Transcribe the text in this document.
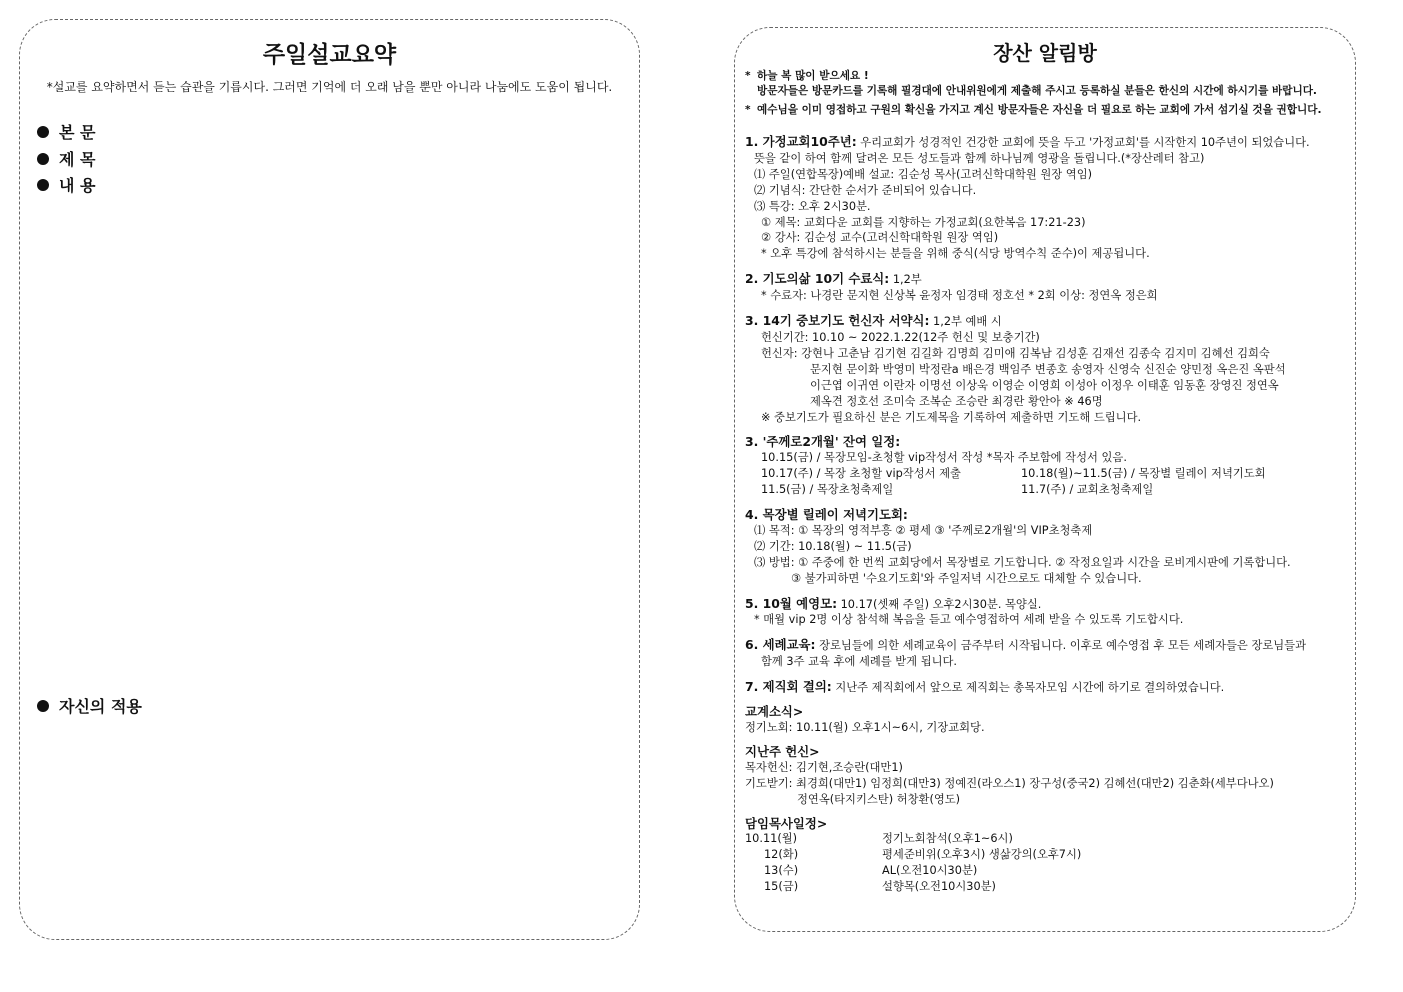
주일설교요약
*설교를 요약하면서 듣는 습관을 기릅시다. 그러면 기억에 더 오래 남을 뿐만 아니라 나눔에도 도움이 됩니다.
본 문
제 목
내 용
자신의 적용
장산 알림방
* 하늘 복 많이 받으세요 !
방문자들은 방문카드를 기록해 필경대에 안내위원에게 제출해 주시고 등록하실 분들은 한신의 시간에 하시기를 바랍니다.
* 예수님을 이미 영접하고 구원의 확신을 가지고 계신 방문자들은 자신을 더 필요로 하는 교회에 가서 섬기실 것을 권합니다.
1. 가정교회10주년: 우리교회가 성경적인 건강한 교회에 뜻을 두고 '가정교회'를 시작한지 10주년이 되었습니다.
뜻을 같이 하여 함께 달려온 모든 성도들과 함께 하나님께 영광을 돌립니다.(*장산레터 참고)
⑴ 주일(연합목장)예배 설교: 김순성 목사(고려신학대학원 원장 역임)
⑵ 기념식: 간단한 순서가 준비되어 있습니다.
⑶ 특강: 오후 2시30분.
① 제목: 교회다운 교회를 지향하는 가정교회(요한복음 17:21-23)
② 강사: 김순성 교수(고려신학대학원 원장 역임)
* 오후 특강에 참석하시는 분들을 위해 중식(식당 방역수칙 준수)이 제공됩니다.
2. 기도의삶 10기 수료식: 1,2부
* 수료자: 나경란 문지현 신상복 윤정자 임경태 정호선 * 2회 이상: 정연옥 정은희
3. 14기 중보기도 헌신자 서약식: 1,2부 예배 시
헌신기간: 10.10 ~ 2022.1.22(12주 헌신 및 보충기간)
헌신자: 강현나 고춘남 김기현 김길화 김명희 김미애 김복남 김성훈 김재선 김종숙 김지미 김혜선 김희숙
문지현 문이화 박영미 박정란a 배은경 백임주 변종호 송영자 신영숙 신진순 양민정 옥은진 옥판석
이근엽 이귀연 이란자 이명선 이상욱 이영순 이영희 이성아 이정우 이태훈 임동훈 장영진 정연옥
제옥견 정호선 조미숙 조복순 조승란 최경란 황안아 ※ 46명
※ 중보기도가 필요하신 분은 기도제목을 기록하여 제출하면 기도해 드립니다.
3. '주께로2개월' 잔여 일정:
10.15(금) / 목장모임-초청할 vip작성서 작성 *목자 주보함에 작성서 있음.
10.17(주) / 목장 초청할 vip작성서 제출	10.18(월)~11.5(금) / 목장별 릴레이 저녁기도회
11.5(금) / 목장초청축제일	11.7(주) / 교회초청축제일
4. 목장별 릴레이 저녁기도회:
⑴ 목적: ① 목장의 영적부흥 ② 평세 ③ '주께로2개월'의 VIP초청축제
⑵ 기간: 10.18(월) ~ 11.5(금)
⑶ 방법: ① 주중에 한 번씩 교회당에서 목장별로 기도합니다. ② 작정요일과 시간을 로비게시판에 기록합니다.
③ 불가피하면 '수요기도회'와 주일저녁 시간으로도 대체할 수 있습니다.
5. 10월 예영모: 10.17(셋째 주일) 오후2시30분. 목양실.
* 매월 vip 2명 이상 참석해 복음을 듣고 예수영접하여 세례 받을 수 있도록 기도합시다.
6. 세례교육: 장로님들에 의한 세례교육이 금주부터 시작됩니다. 이후로 예수영접 후 모든 세례자들은 장로님들과
함께 3주 교육 후에 세례를 받게 됩니다.
7. 제직회 결의: 지난주 제직회에서 앞으로 제직회는 총목자모임 시간에 하기로 결의하였습니다.
교계소식>
정기노회: 10.11(월) 오후1시~6시, 기장교회당.
지난주 헌신>
목자헌신: 김기현,조승란(대만1)
기도받기: 최경희(대만1) 임정희(대만3) 정예진(라오스1) 장구성(중국2) 김혜선(대만2) 김춘화(세부다나오)
정연옥(타지키스탄) 허창환(영도)
담임목사일정>
10.11(월)	정기노회참석(오후1~6시)
12(화)	평세준비위(오후3시) 생삶강의(오후7시)
13(수)	AL(오전10시30분)
15(금)	설향목(오전10시30분)
